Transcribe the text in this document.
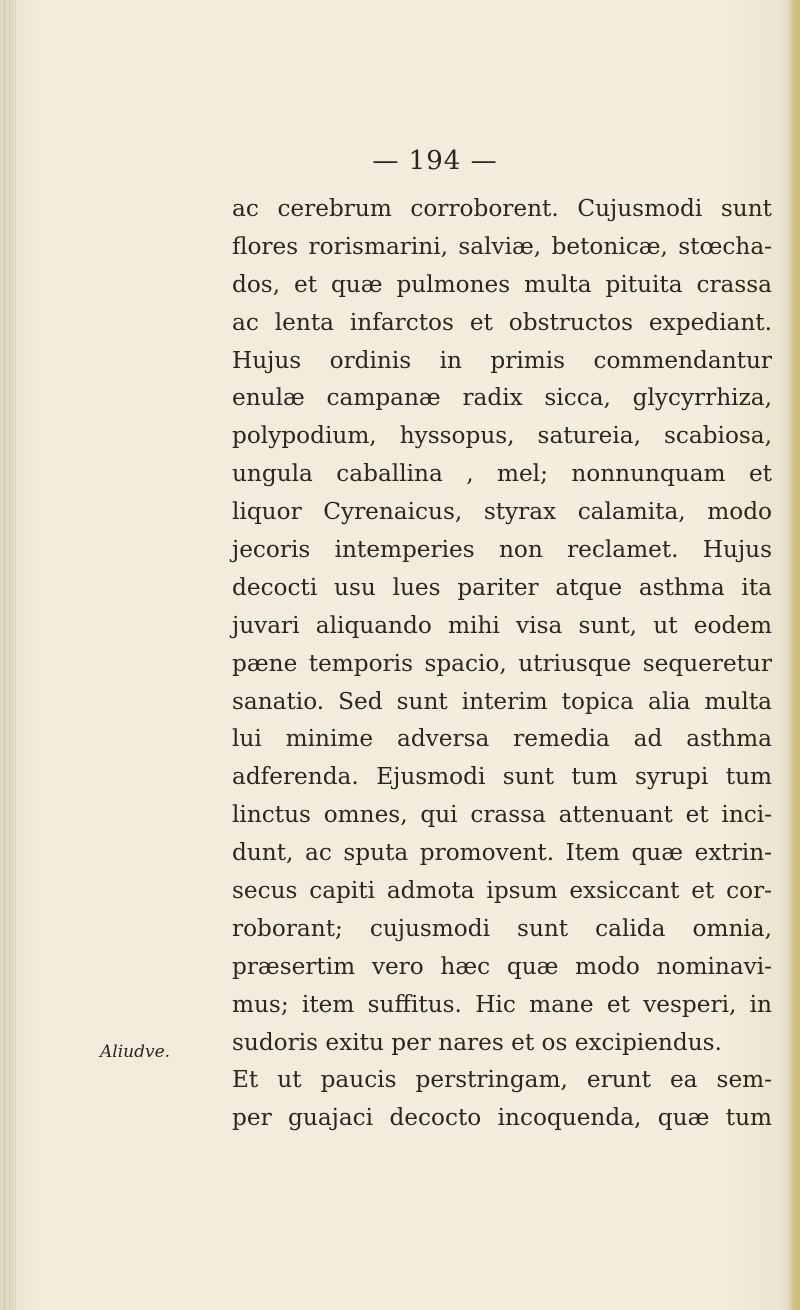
— 194 —
Aliudve.
ac cerebrum corroborent. Cujusmodi sunt
flores rorismarini, salviæ, betonicæ, stœcha-
dos, et quæ pulmones multa pituita crassa
ac lenta infarctos et obstructos expediant.
Hujus ordinis in primis commendantur
enulæ campanæ radix sicca, glycyrrhiza,
polypodium, hyssopus, satureia, scabiosa,
ungula caballina , mel; nonnunquam et
liquor Cyrenaicus, styrax calamita, modo
jecoris intemperies non reclamet. Hujus
decocti usu lues pariter atque asthma ita
juvari aliquando mihi visa sunt, ut eodem
pæne temporis spacio, utriusque sequeretur
sanatio. Sed sunt interim topica alia multa
lui minime adversa remedia ad asthma
adferenda. Ejusmodi sunt tum syrupi tum
linctus omnes, qui crassa attenuant et inci-
dunt, ac sputa promovent. Item quæ extrin-
secus capiti admota ipsum exsiccant et cor-
roborant; cujusmodi sunt calida omnia,
præsertim vero hæc quæ modo nominavi-
mus; item suffitus. Hic mane et vesperi, in
sudoris exitu per nares et os excipiendus.
Et ut paucis perstringam, erunt ea sem-
per guajaci decocto incoquenda, quæ tum
